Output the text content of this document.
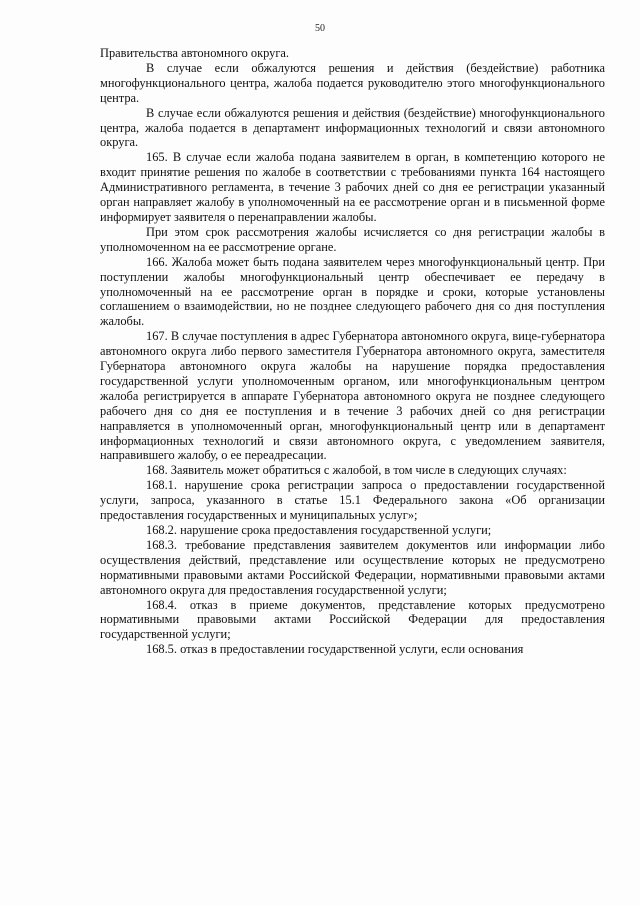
50

Правительства автономного округа.

В случае если обжалуются решения и действия (бездействие) работника многофункционального центра, жалоба подается руководителю этого многофункционального центра.

В случае если обжалуются решения и действия (бездействие) многофункционального центра, жалоба подается в департамент информационных технологий и связи автономного округа.

165. В случае если жалоба подана заявителем в орган, в компетенцию которого не входит принятие решения по жалобе в соответствии с требованиями пункта 164 настоящего Административного регламента, в течение 3 рабочих дней со дня ее регистрации указанный орган направляет жалобу в уполномоченный на ее рассмотрение орган и в письменной форме информирует заявителя о перенаправлении жалобы.

При этом срок рассмотрения жалобы исчисляется со дня регистрации жалобы в уполномоченном на ее рассмотрение органе.

166. Жалоба может быть подана заявителем через многофункциональный центр. При поступлении жалобы многофункциональный центр обеспечивает ее передачу в уполномоченный на ее рассмотрение орган в порядке и сроки, которые установлены соглашением о взаимодействии, но не позднее следующего рабочего дня со дня поступления жалобы.

167. В случае поступления в адрес Губернатора автономного округа, вице-губернатора автономного округа либо первого заместителя Губернатора автономного округа, заместителя Губернатора автономного округа жалобы на нарушение порядка предоставления государственной услуги уполномоченным органом, или многофункциональным центром жалоба регистрируется в аппарате Губернатора автономного округа не позднее следующего рабочего дня со дня ее поступления и в течение 3 рабочих дней со дня регистрации направляется в уполномоченный орган, многофункциональный центр или в департамент информационных технологий и связи автономного округа, с уведомлением заявителя, направившего жалобу, о ее переадресации.

168. Заявитель может обратиться с жалобой, в том числе в следующих случаях:

168.1. нарушение срока регистрации запроса о предоставлении государственной услуги, запроса, указанного в статье 15.1 Федерального закона «Об организации предоставления государственных и муниципальных услуг»;

168.2. нарушение срока предоставления государственной услуги;

168.3. требование представления заявителем документов или информации либо осуществления действий, представление или осуществление которых не предусмотрено нормативными правовыми актами Российской Федерации, нормативными правовыми актами автономного округа для предоставления государственной услуги;

168.4. отказ в приеме документов, представление которых предусмотрено нормативными правовыми актами Российской Федерации для предоставления государственной услуги;

168.5. отказ в предоставлении государственной услуги, если основания
